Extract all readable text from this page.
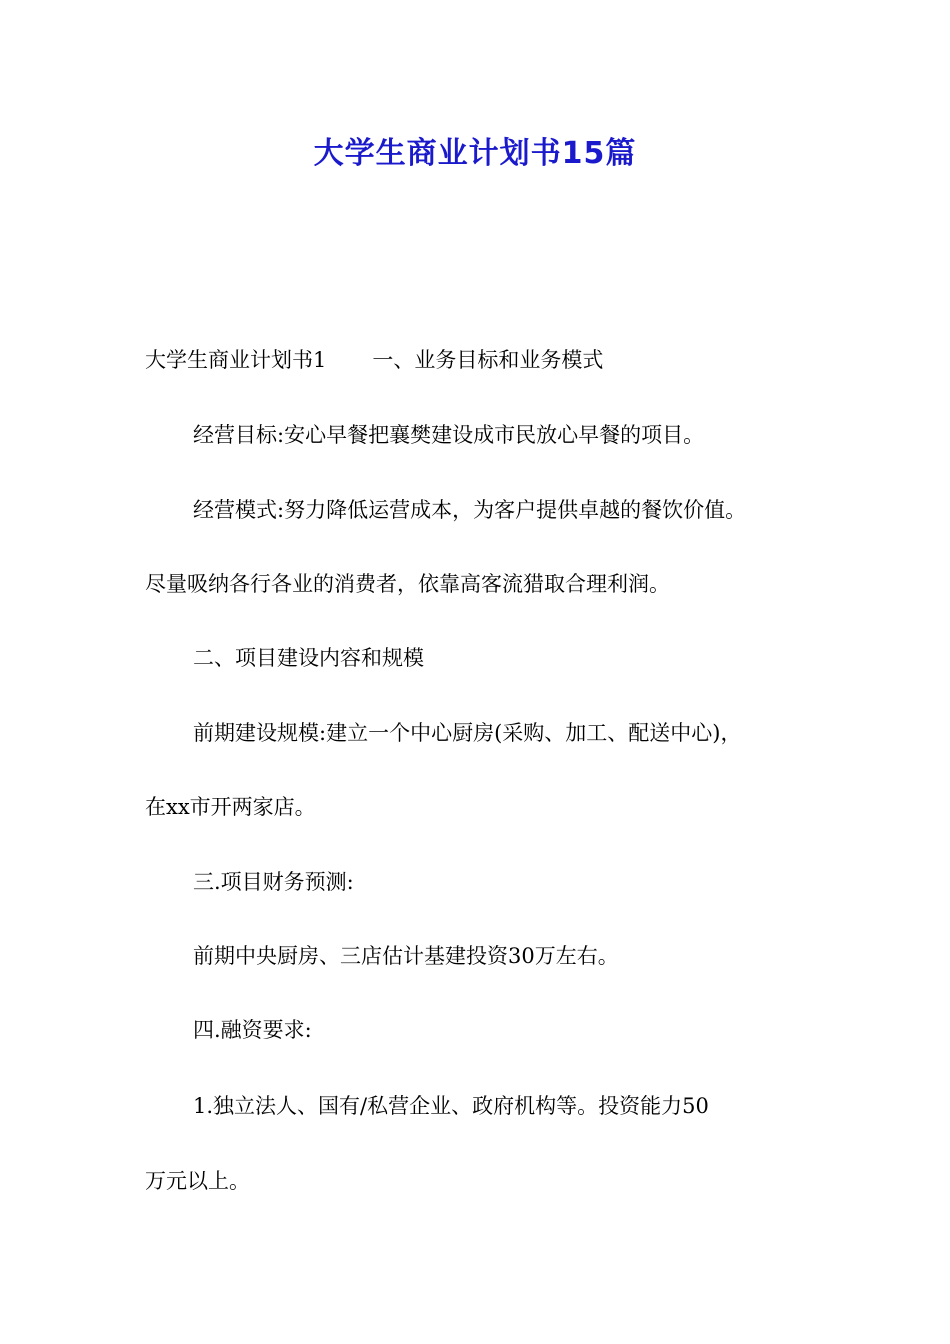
大学生商业计划书15篇
大学生商业计划书1 一、业务目标和业务模式
经营目标:安心早餐把襄樊建设成市民放心早餐的项目。
经营模式:努力降低运营成本，为客户提供卓越的餐饮价值。
尽量吸纳各行各业的消费者，依靠高客流猎取合理利润。
二、项目建设内容和规模
前期建设规模:建立一个中心厨房(采购、加工、配送中心)，
在xx市开两家店。
三.项目财务预测:
前期中央厨房、三店估计基建投资30万左右。
四.融资要求:
1.独立法人、国有/私营企业、政府机构等。投资能力50
万元以上。
